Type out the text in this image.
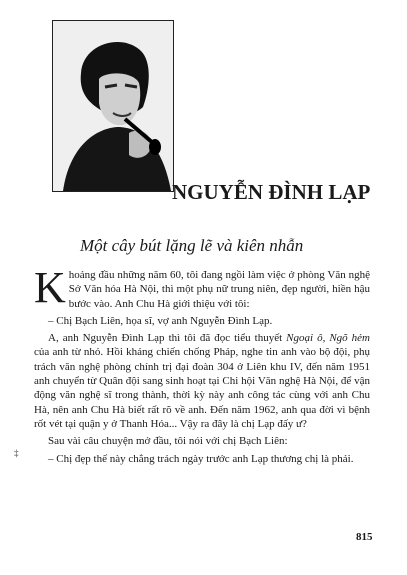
NGUYỄN ĐÌNH LẠP
Một cây bút lặng lẽ và kiên nhẫn

Khoảng đầu những năm 60, tôi đang ngồi làm việc ở phòng Văn nghệ Sở Văn hóa Hà Nội, thì một phụ nữ trung niên, đẹp người, hiền hậu bước vào. Anh Chu Hà giới thiệu với tôi:

– Chị Bạch Liên, họa sĩ, vợ anh Nguyễn Đình Lạp.

A, anh Nguyễn Đình Lạp thì tôi đã đọc tiểu thuyết Ngoại ô, Ngõ hẻm của anh từ nhỏ. Hồi kháng chiến chống Pháp, nghe tin anh vào bộ đội, phụ trách văn nghệ phòng chính trị đại đoàn 304 ở Liên khu IV, đến năm 1951 anh chuyển từ Quân đội sang sinh hoạt tại Chi hội Văn nghệ Hà Nội, để vận động văn nghệ sĩ trong thành, thời kỳ này anh công tác cùng với anh Chu Hà, nên anh Chu Hà biết rất rõ về anh. Đến năm 1962, anh qua đời vì bệnh rốt vét tại quận y ở Thanh Hóa... Vậy ra đây là chị Lạp đấy ư?

Sau vài câu chuyện mở đầu, tôi nói với chị Bạch Liên:

– Chị đẹp thế này chẳng trách ngày trước anh Lạp thương chị là phải.

‡
815
